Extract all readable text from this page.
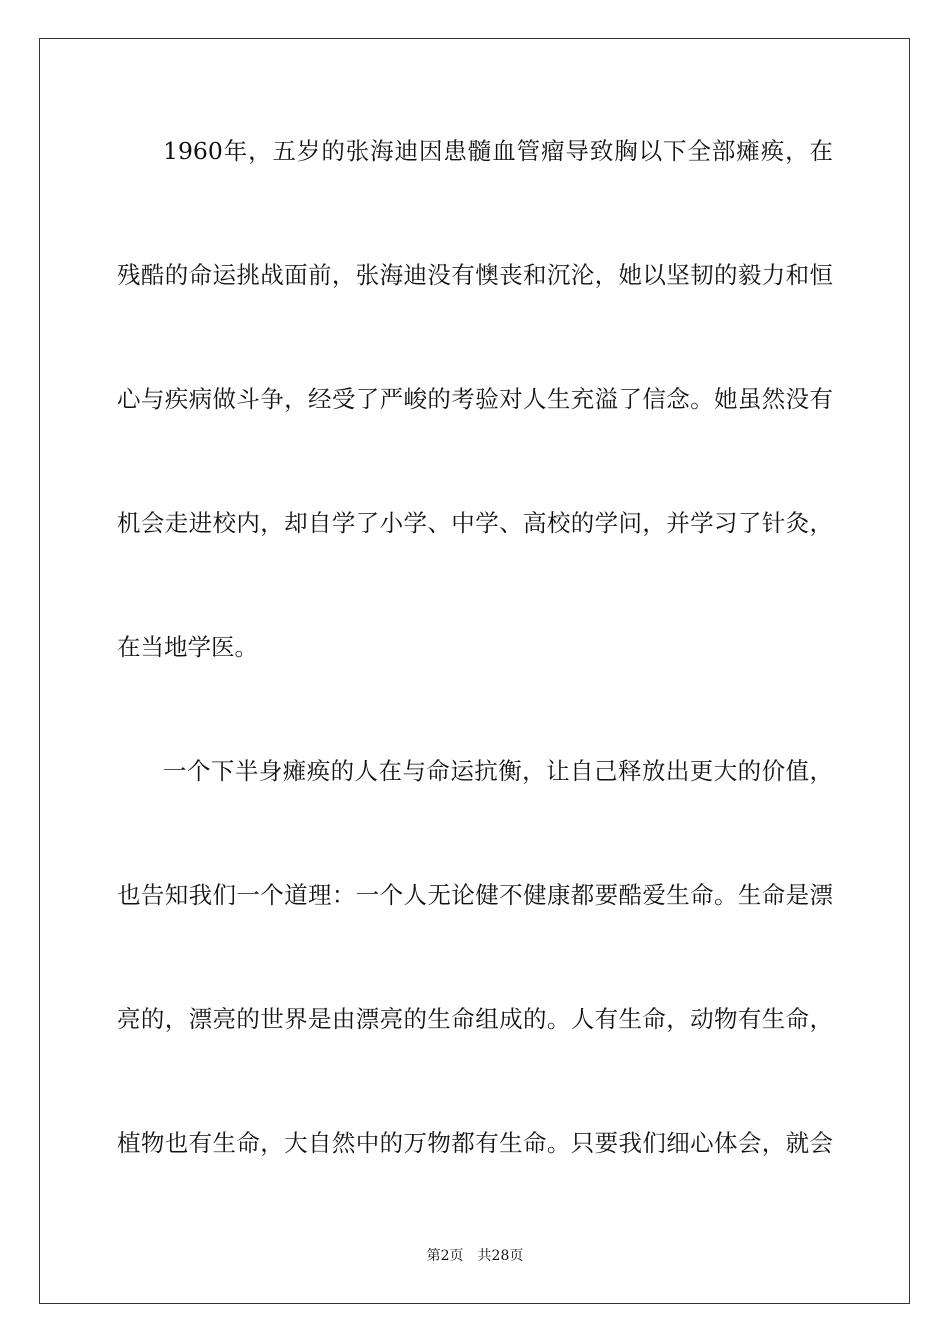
1960年，五岁的张海迪因患髓血管瘤导致胸以下全部瘫痪，在
残酷的命运挑战面前，张海迪没有懊丧和沉沦，她以坚韧的毅力和恒
心与疾病做斗争，经受了严峻的考验对人生充溢了信念。她虽然没有
机会走进校内，却自学了小学、中学、高校的学问，并学习了针灸，
在当地学医。
一个下半身瘫痪的人在与命运抗衡，让自己释放出更大的价值，
也告知我们一个道理：一个人无论健不健康都要酷爱生命。生命是漂
亮的，漂亮的世界是由漂亮的生命组成的。人有生命，动物有生命，
植物也有生命，大自然中的万物都有生命。只要我们细心体会，就会
第2页 共28页
